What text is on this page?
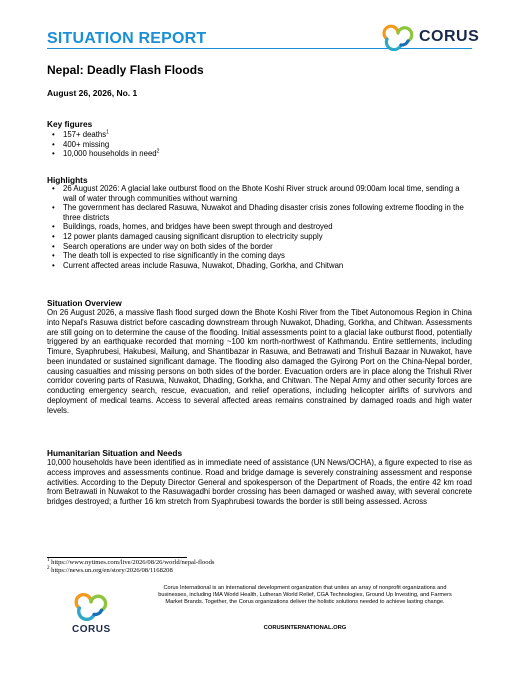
SITUATION REPORT	CORUS
Nepal: Deadly Flash Floods
August 26, 2026, No. 1
Key figures
• 157+ deaths$^1$
• 400+ missing
• 10,000 households in need$^2$
Highlights
• 26 August 2026: A glacial lake outburst flood on the Bhote Koshi River struck around 09:00am local time, sending a wall of water through communities without warning
• The government has declared Rasuwa, Nuwakot and Dhading disaster crisis zones following extreme flooding in the three districts
• Buildings, roads, homes, and bridges have been swept through and destroyed
• 12 power plants damaged causing significant disruption to electricity supply
• Search operations are under way on both sides of the border
• The death toll is expected to rise significantly in the coming days
• Current affected areas include Rasuwa, Nuwakot, Dhading, Gorkha, and Chitwan
Situation Overview

On 26 August 2026, a massive flash flood surged down the Bhote Koshi River from the Tibet Autonomous Region in China into Nepal's Rasuwa district before cascading downstream through Nuwakot, Dhading, Gorkha, and Chitwan. Assessments are still going on to determine the cause of the flooding. Initial assessments point to a glacial lake outburst flood, potentially triggered by an earthquake recorded that morning ~100 km north-northwest of Kathmandu. Entire settlements, including Timure, Syaphrubesi, Hakubesi, Mailung, and Shantibazar in Rasuwa, and Betrawati and Trishuli Bazaar in Nuwakot, have been inundated or sustained significant damage. The flooding also damaged the Gyirong Port on the China-Nepal border, causing casualties and missing persons on both sides of the border. Evacuation orders are in place along the Trishuli River corridor covering parts of Rasuwa, Nuwakot, Dhading, Gorkha, and Chitwan. The Nepal Army and other security forces are conducting emergency search, rescue, evacuation, and relief operations, including helicopter airlifts of survivors and deployment of medical teams. Access to several affected areas remains constrained by damaged roads and high water levels.

Humanitarian Situation and Needs

10,000 households have been identified as in immediate need of assistance (UN News/OCHA), a figure expected to rise as access improves and assessments continue. Road and bridge damage is severely constraining assessment and response activities. According to the Deputy Director General and spokesperson of the Department of Roads, the entire 42 km road from Betrawati in Nuwakot to the Rasuwagadhi border crossing has been damaged or washed away, with several concrete bridges destroyed; a further 16 km stretch from Syaphrubesi towards the border is still being assessed. Across

$^1$ https://www.nytimes.com/live/2026/08/26/world/nepal-floods
$^2$ https://news.un.org/en/story/2026/08/1168208
CORUS

Corus International is an international development organization that unites an array of nonprofit organizations and businesses, including IMA World Health, Lutheran World Relief, CGA Technologies, Ground Up Investing, and Farmers Market Brands. Together, the Corus organizations deliver the holistic solutions needed to achieve lasting change.

CORUSINTERNATIONAL.ORG
